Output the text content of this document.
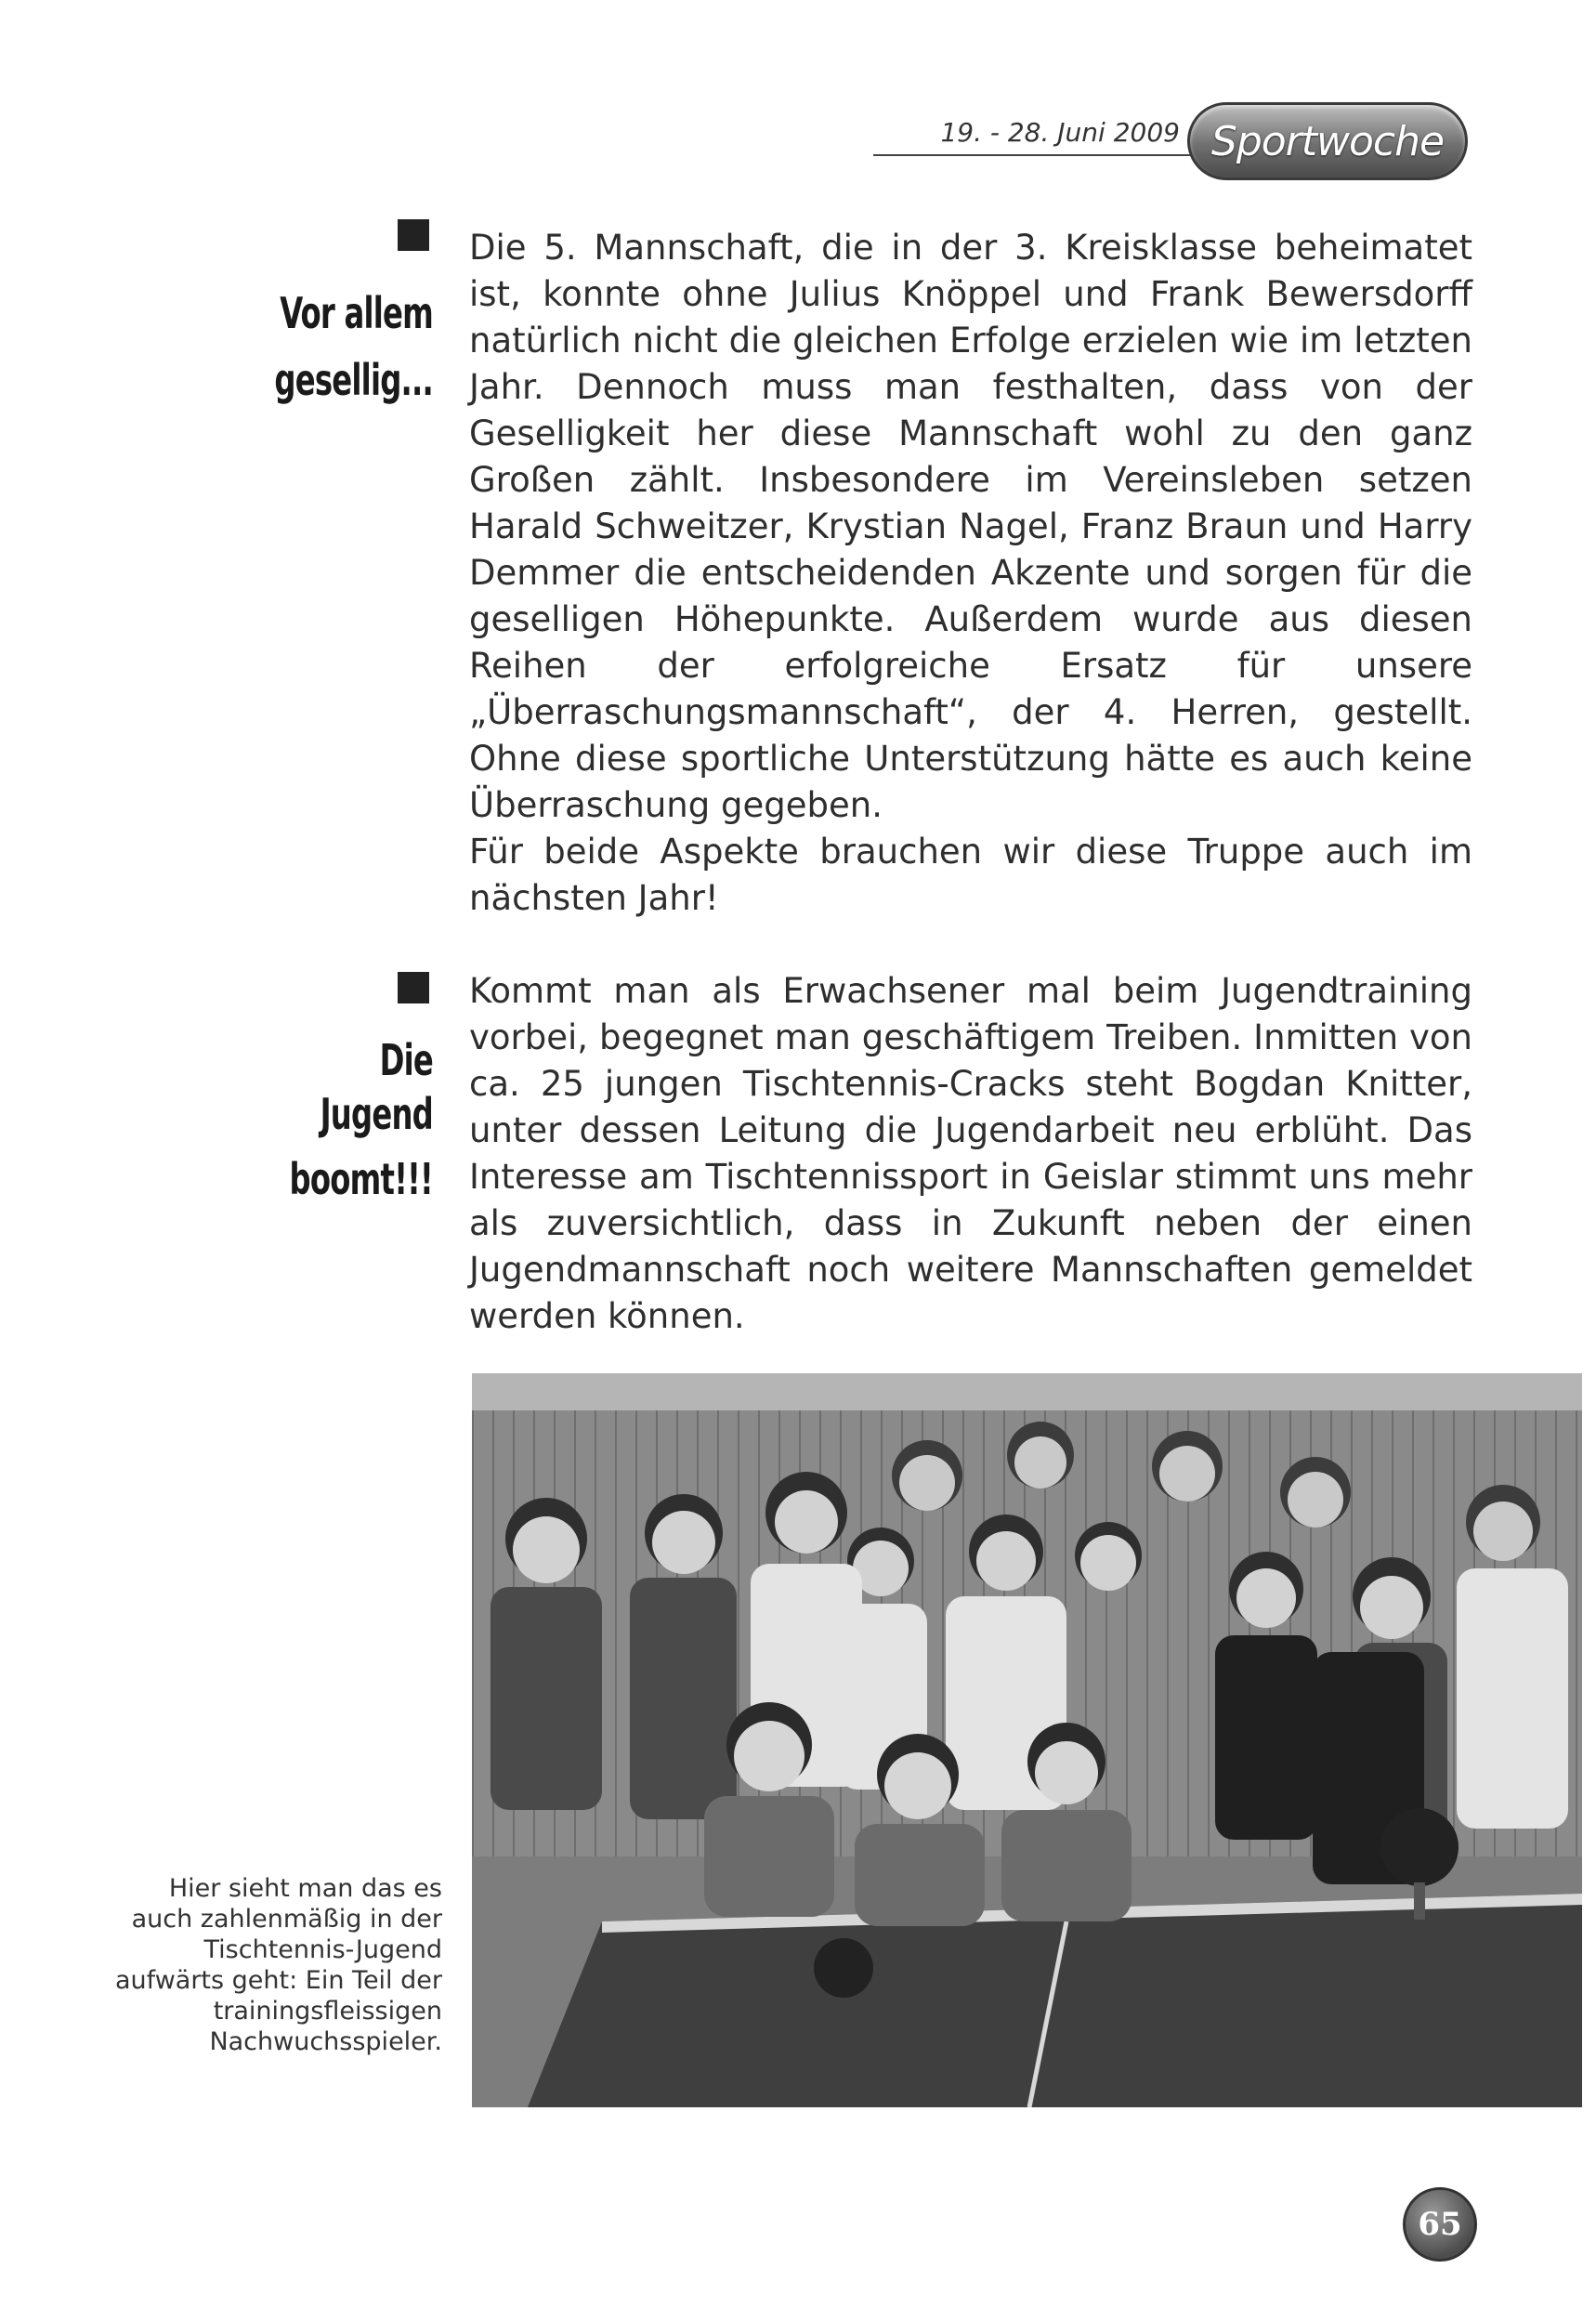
19. - 28. Juni 2009 Sportwoche
Vor allem
gesellig...

Die 5. Mannschaft, die in der 3. Kreisklasse beheimatet ist, konnte ohne Julius Knöppel und Frank Bewersdorff natürlich nicht die gleichen Erfolge erzielen wie im letzten Jahr. Dennoch muss man festhalten, dass von der Geselligkeit her diese Mannschaft wohl zu den ganz Großen zählt. Insbesondere im Vereinsleben setzen Harald Schweitzer, Krystian Nagel, Franz Braun und Harry Demmer die entscheidenden Akzente und sorgen für die geselligen Höhepunkte. Außerdem wurde aus diesen Reihen der erfolgreiche Ersatz für unsere „Überraschungsmannschaft“, der 4. Herren, gestellt. Ohne diese sportliche Unterstützung hätte es auch keine Überraschung gegeben.

Für beide Aspekte brauchen wir diese Truppe auch im nächsten Jahr!

Die Jugend
boomt!!!

Kommt man als Erwachsener mal beim Jugendtraining vorbei, begegnet man geschäftigem Treiben. Inmitten von ca. 25 jungen Tischtennis-Cracks steht Bogdan Knitter, unter dessen Leitung die Jugendarbeit neu erblüht. Das Interesse am Tischtennissport in Geislar stimmt uns mehr als zuversichtlich, dass in Zukunft neben der einen Jugendmannschaft noch weitere Mannschaften gemeldet werden können.

Hier sieht man das es auch zahlenmäßig in der Tischtennis-Jugend aufwärts geht: Ein Teil der trainingsfleissigen Nachwuchsspieler.
65
